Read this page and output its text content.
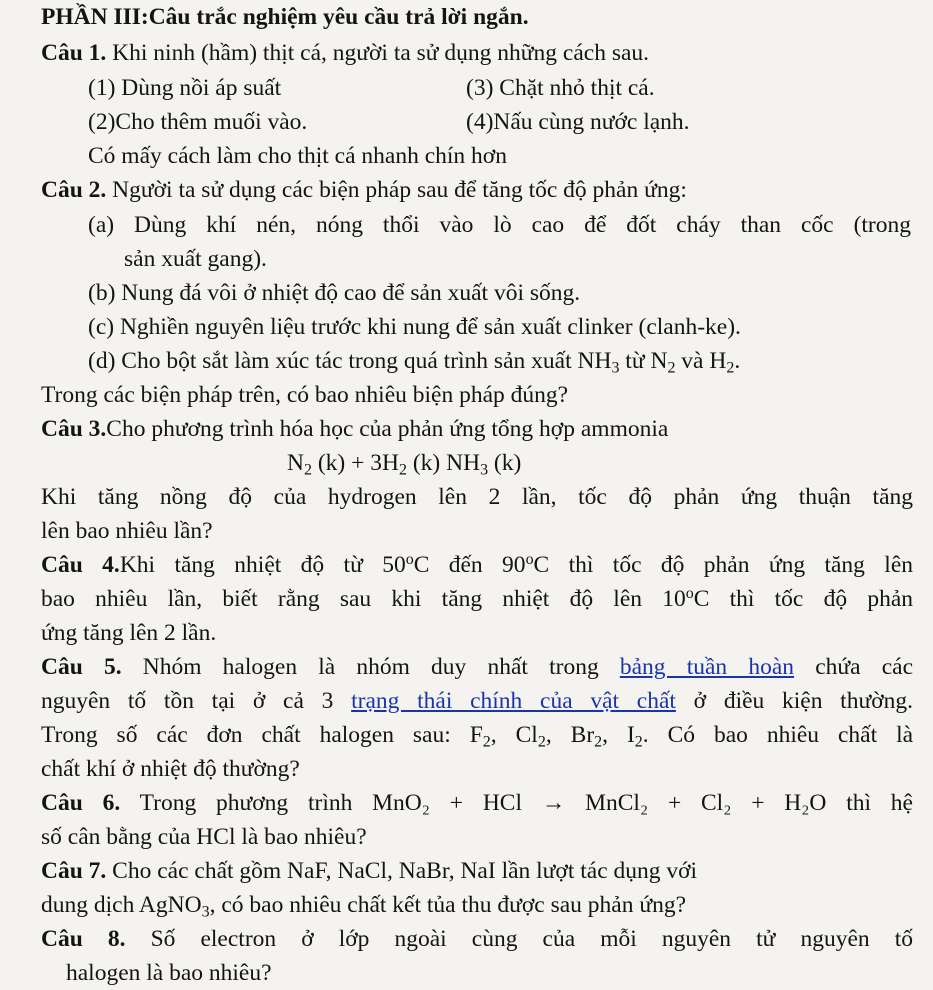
PHẦN III:Câu trắc nghiệm yêu cầu trả lời ngắn.
Câu 1. Khi ninh (hầm) thịt cá, người ta sử dụng những cách sau.
(1) Dùng nồi áp suất	(3) Chặt nhỏ thịt cá.
(2)Cho thêm muối vào.	(4)Nấu cùng nước lạnh.
Có mấy cách làm cho thịt cá nhanh chín hơn
Câu 2. Người ta sử dụng các biện pháp sau để tăng tốc độ phản ứng:
(a) Dùng khí nén, nóng thổi vào lò cao để đốt cháy than cốc (trong
sản xuất gang).
(b) Nung đá vôi ở nhiệt độ cao để sản xuất vôi sống.
(c) Nghiền nguyên liệu trước khi nung để sản xuất clinker (clanh-ke).
(d) Cho bột sắt làm xúc tác trong quá trình sản xuất $NH_3$ từ $N_2$ và $H_2$.
Trong các biện pháp trên, có bao nhiêu biện pháp đúng?
Câu 3.Cho phương trình hóa học của phản ứng tổng hợp ammonia
$N_2$ $(k) + 3H_2$ (k) $NH_3$ (k)
Khi tăng nồng độ của hydrogen lên 2 lần, tốc độ phản ứng thuận tăng
lên bao nhiêu lần?
Câu 4.Khi tăng nhiệt độ từ 50$^o$C đến 90$^o$C thì tốc độ phản ứng tăng lên
bao nhiêu lần, biết rằng sau khi tăng nhiệt độ lên 10$^o$C thì tốc độ phản
ứng tăng lên 2 lần.
Câu 5. Nhóm halogen là nhóm duy nhất trong bảng tuần hoàn chứa các
nguyên tố tồn tại ở cả 3 trạng thái chính của vật chất ở điều kiện thường.
Trong số các đơn chất halogen sau: $F_2$, $Cl_2$, $Br_2$, $I_2$. Có bao nhiêu chất là
chất khí ở nhiệt độ thường?
Câu 6. Trong phương trình MnO₂ + HCl → MnCl₂ + Cl₂ + H₂O thì hệ
số cân bằng của HCl là bao nhiêu?
Câu 7. Cho các chất gồm NaF, NaCl, NaBr, NaI lần lượt tác dụng với
dung dịch AgNO$_3$, có bao nhiêu chất kết tủa thu được sau phản ứng?
Câu 8. Số electron ở lớp ngoài cùng của mỗi nguyên tử nguyên tố
halogen là bao nhiêu?
